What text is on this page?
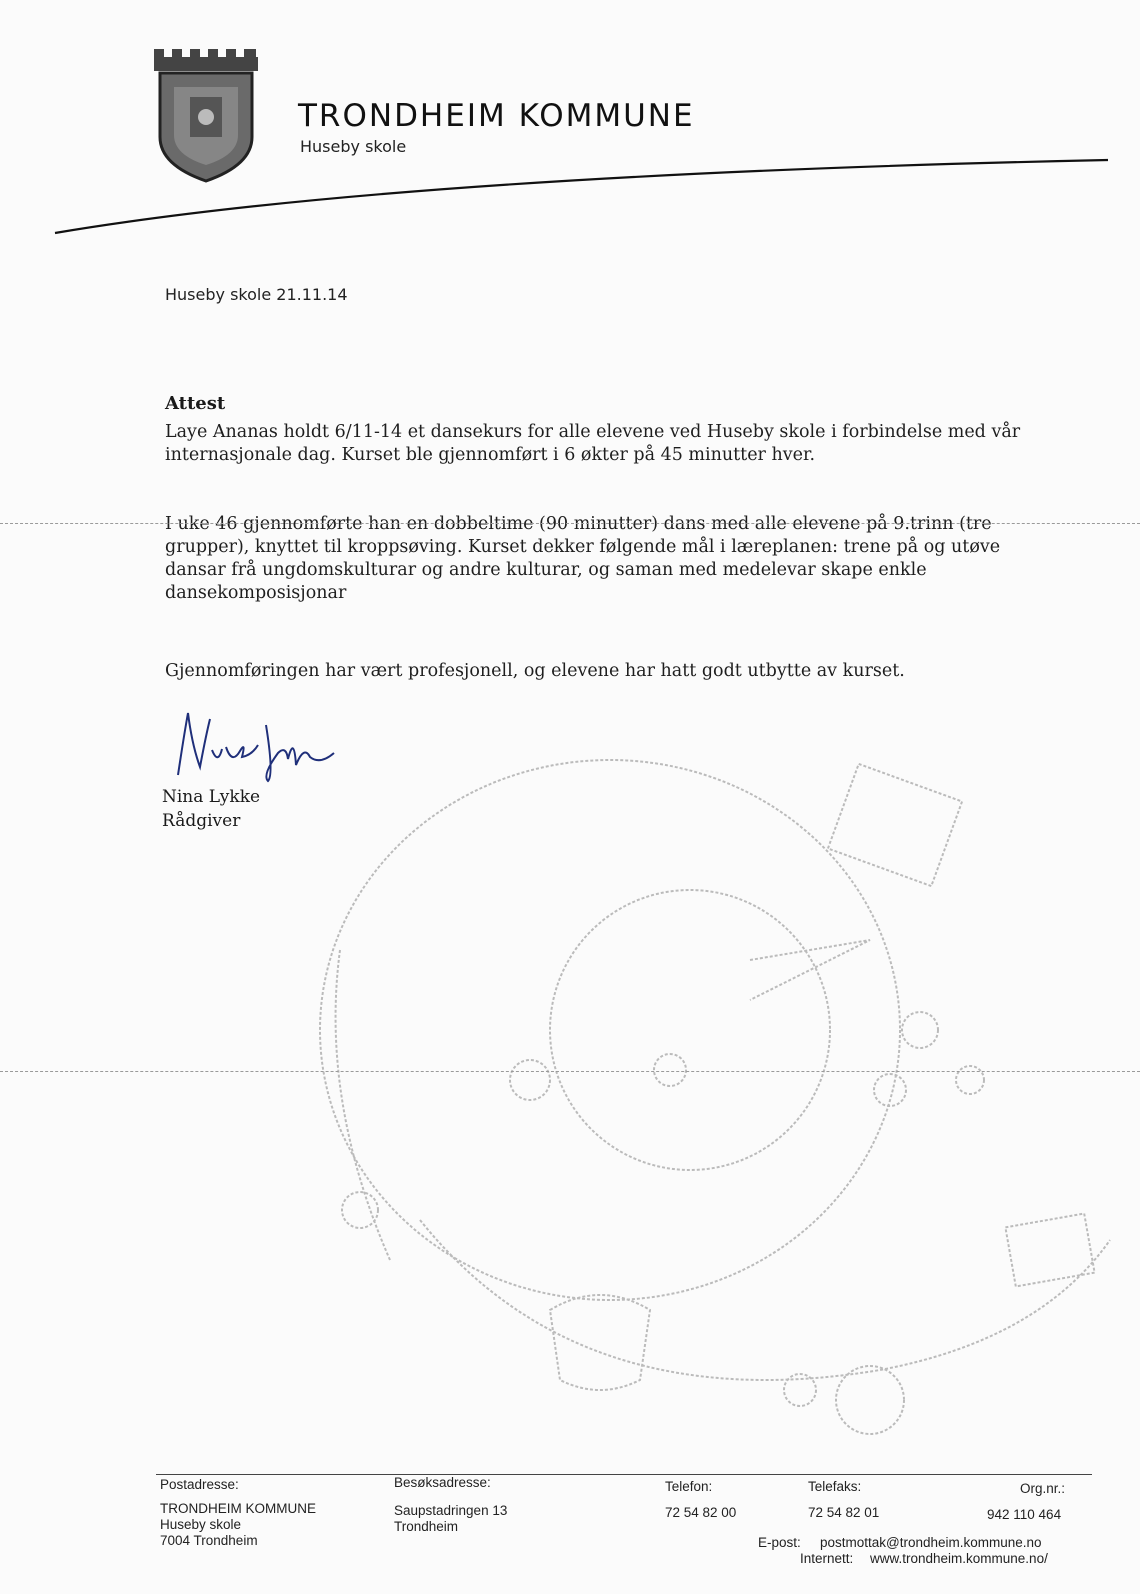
TRONDHEIM KOMMUNE
Huseby skole
Huseby skole 21.11.14
Attest
Laye Ananas holdt 6/11-14 et dansekurs for alle elevene ved Huseby skole i forbindelse med vår internasjonale dag. Kurset ble gjennomført i 6 økter på 45 minutter hver.
I uke 46 gjennomførte han en dobbeltime (90 minutter) dans med alle elevene på 9.trinn (tre grupper), knyttet til kroppsøving. Kurset dekker følgende mål i læreplanen: trene på og utøve dansar frå ungdomskulturar og andre kulturar, og saman med medelevar skape enkle dansekomposisjonar
Gjennomføringen har vært profesjonell, og elevene har hatt godt utbytte av kurset.
Nina Lykke
Rådgiver
Postadresse:
TRONDHEIM KOMMUNE
Huseby skole
7004 Trondheim
Besøksadresse:
Saupstadringen 13
Trondheim
Telefon:
72 54 82 00
Telefaks:
72 54 82 01
Org.nr.:
942 110 464
E-post: postmottak@trondheim.kommune.no
Internett: www.trondheim.kommune.no/
